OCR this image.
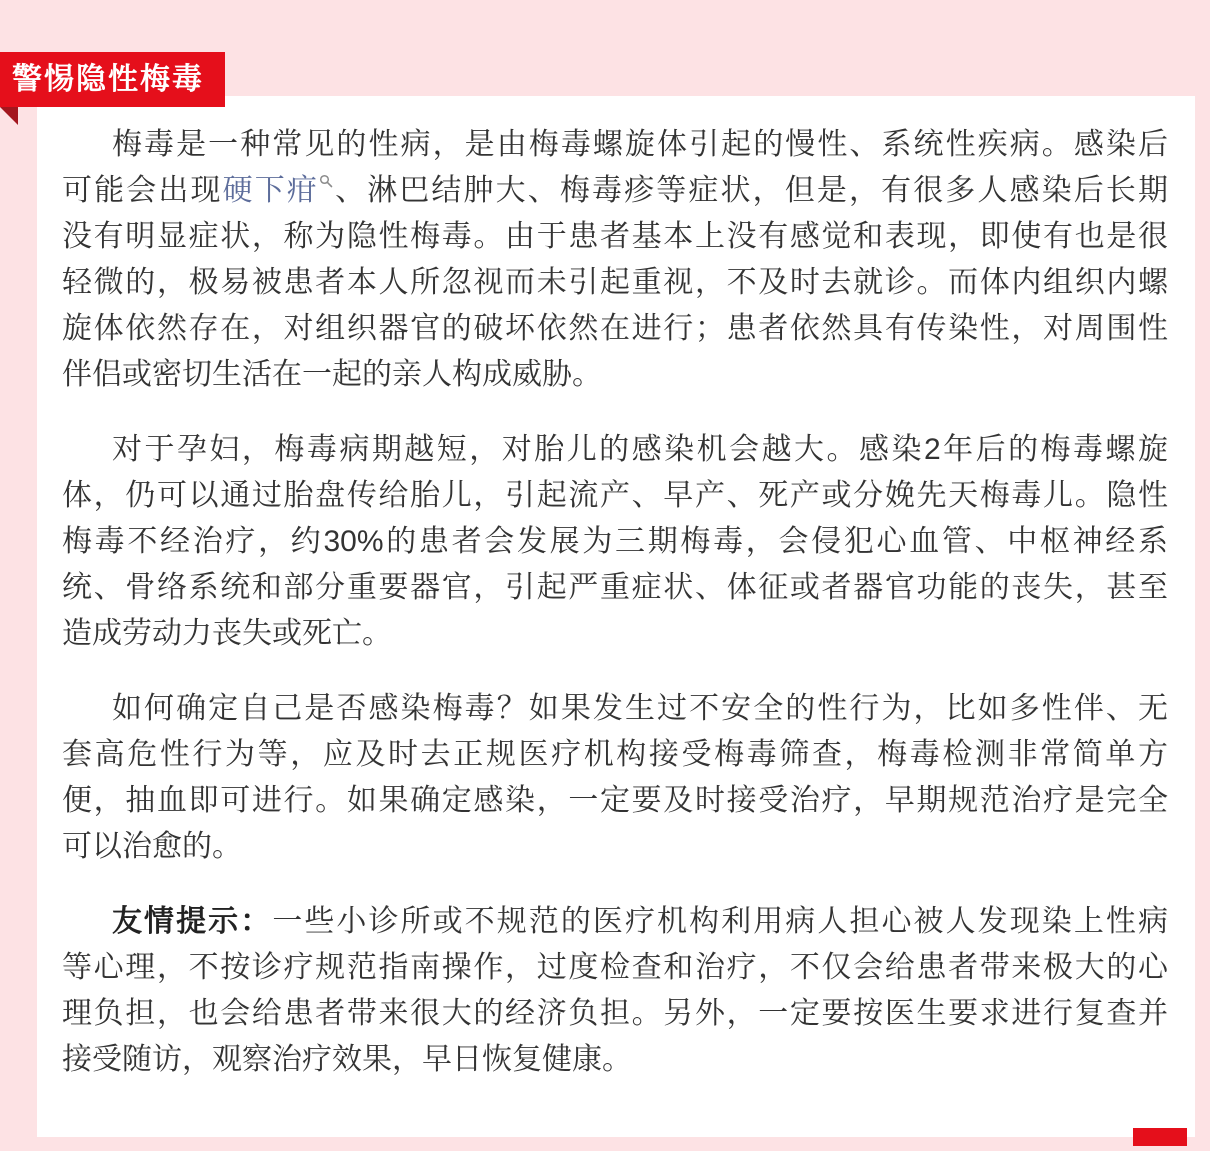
梅毒是一种常见的性病，是由梅毒螺旋体引起的慢性、系统性疾病。感染后
可能会出现硬下疳 、淋巴结肿大、梅毒疹等症状，但是，有很多人感染后长期
没有明显症状，称为隐性梅毒。由于患者基本上没有感觉和表现，即使有也是很
轻微的，极易被患者本人所忽视而未引起重视，不及时去就诊。而体内组织内螺
旋体依然存在，对组织器官的破坏依然在进行；患者依然具有传染性，对周围性
伴侣或密切生活在一起的亲人构成威胁。

对于孕妇，梅毒病期越短，对胎儿的感染机会越大。感染2年后的梅毒螺旋
体，仍可以通过胎盘传给胎儿，引起流产、早产、死产或分娩先天梅毒儿。隐性
梅毒不经治疗，约30%的患者会发展为三期梅毒，会侵犯心血管、中枢神经系
统、骨络系统和部分重要器官，引起严重症状、体征或者器官功能的丧失，甚至
造成劳动力丧失或死亡。

如何确定自己是否感染梅毒？如果发生过不安全的性行为，比如多性伴、无
套高危性行为等，应及时去正规医疗机构接受梅毒筛查，梅毒检测非常简单方
便，抽血即可进行。如果确定感染，一定要及时接受治疗，早期规范治疗是完全
可以治愈的。

友情提示：一些小诊所或不规范的医疗机构利用病人担心被人发现染上性病
等心理，不按诊疗规范指南操作，过度检查和治疗，不仅会给患者带来极大的心
理负担，也会给患者带来很大的经济负担。另外，一定要按医生要求进行复查并
接受随访，观察治疗效果，早日恢复健康。

警惕隐性梅毒
